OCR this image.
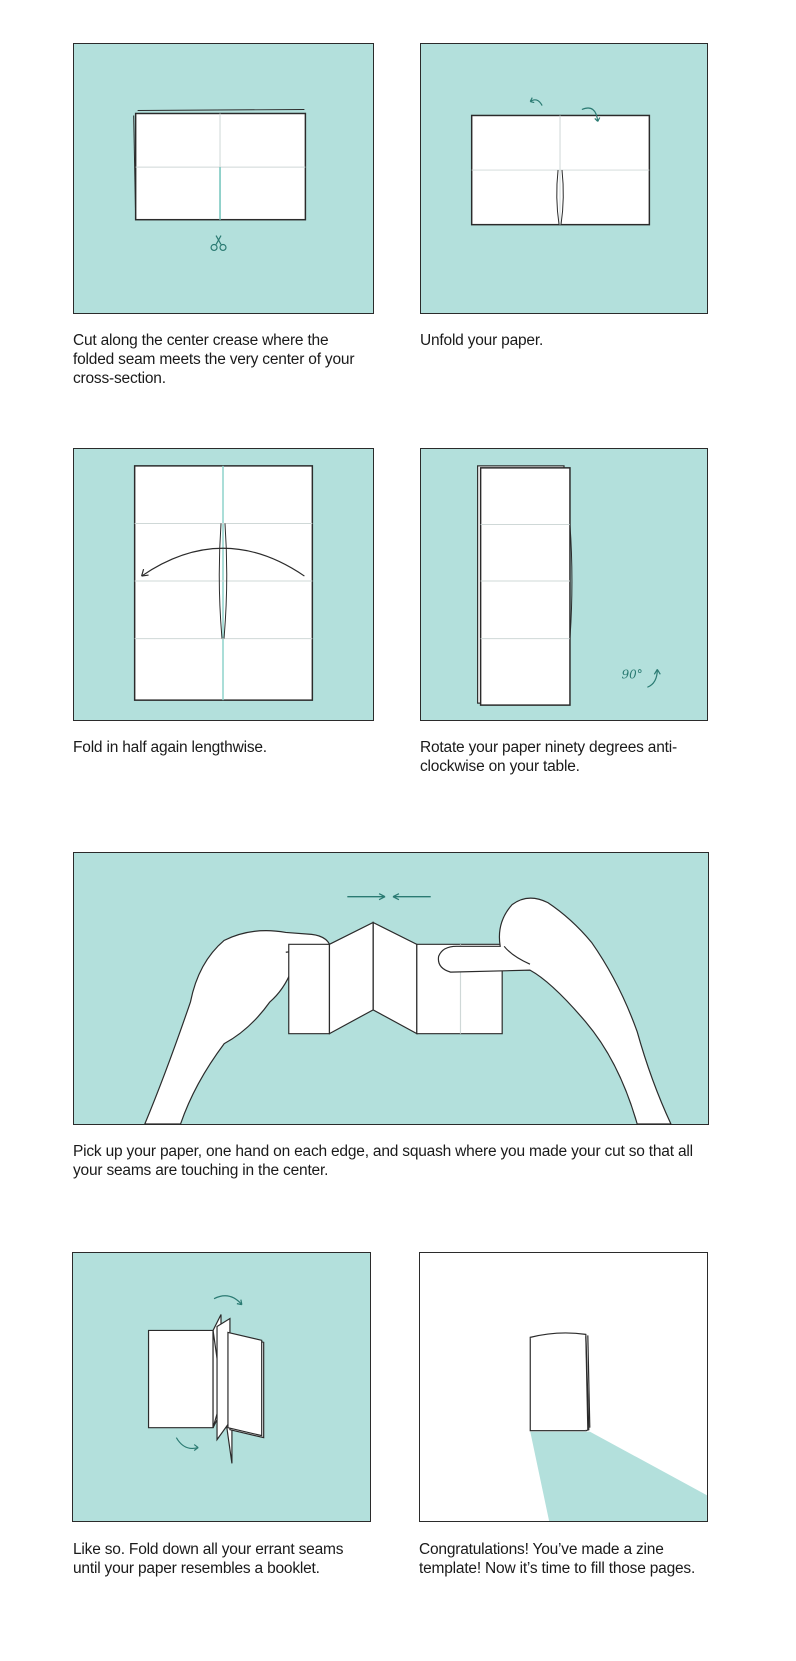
Cut along the center crease where the folded seam meets the very center of your cross-section.

Unfold your paper.

Fold in half again lengthwise.

90°

Rotate your paper ninety degrees anti-clockwise on your table.

Pick up your paper, one hand on each edge, and squash where you made your cut so that all your seams are touching in the center.

Like so. Fold down all your errant seams until your paper resembles a booklet.

Congratulations! You’ve made a zine template! Now it’s time to fill those pages.
